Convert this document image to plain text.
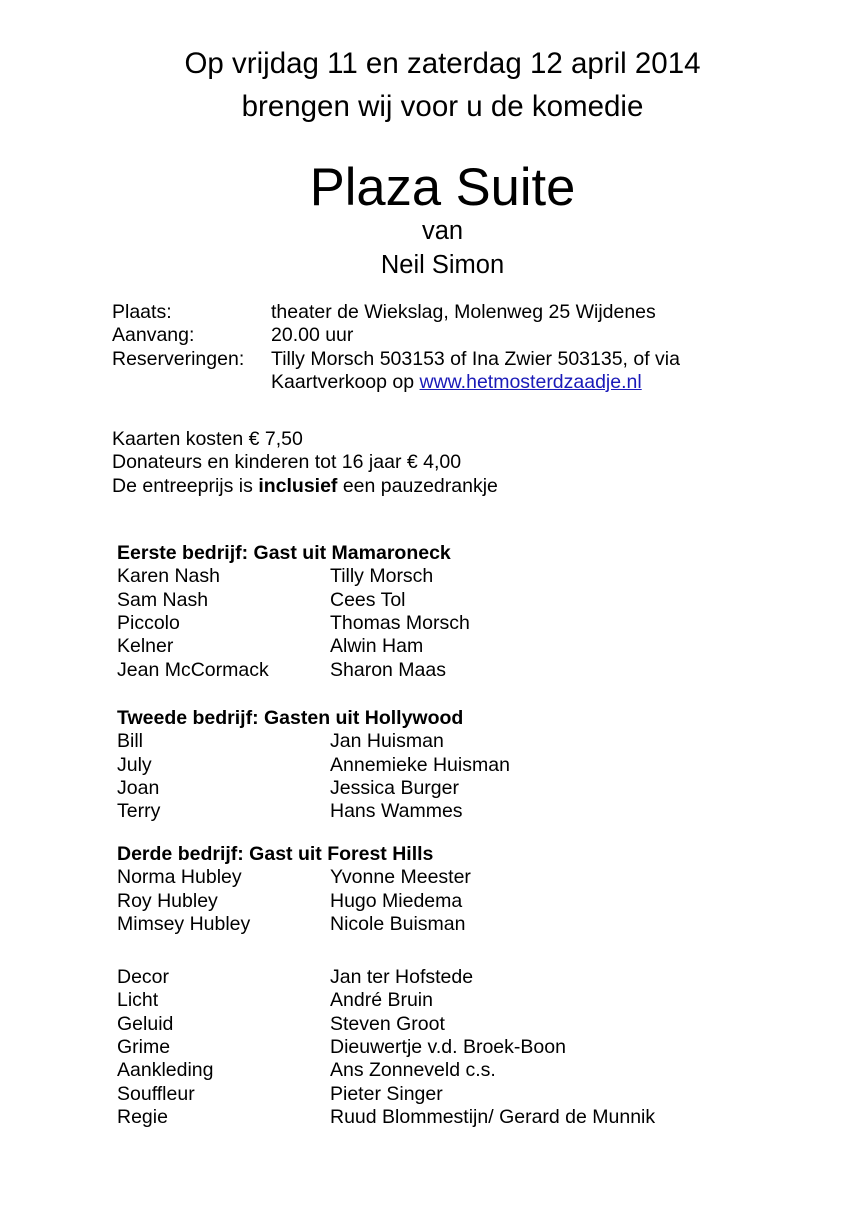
Op vrijdag 11 en zaterdag 12 april 2014
brengen wij voor u de komedie
Plaza Suite
van
Neil Simon
Plaats:	theater de Wiekslag, Molenweg 25 Wijdenes
Aanvang:	20.00 uur
Reserveringen:	Tilly Morsch 503153 of Ina Zwier 503135, of via
Kaartverkoop op www.hetmosterdzaadje.nl
Kaarten kosten € 7,50
Donateurs en kinderen tot 16 jaar € 4,00
De entreeprijs is inclusief een pauzedrankje
Eerste bedrijf: Gast uit Mamaroneck
Karen Nash	Tilly Morsch
Sam Nash	Cees Tol
Piccolo	Thomas Morsch
Kelner	Alwin Ham
Jean McCormack	Sharon Maas
Tweede bedrijf: Gasten uit Hollywood
Bill	Jan Huisman
July	Annemieke Huisman
Joan	Jessica Burger
Terry	Hans Wammes
Derde bedrijf: Gast uit Forest Hills
Norma Hubley	Yvonne Meester
Roy Hubley	Hugo Miedema
Mimsey Hubley	Nicole Buisman
Decor	Jan ter Hofstede
Licht	André Bruin
Geluid	Steven Groot
Grime	Dieuwertje v.d. Broek-Boon
Aankleding	Ans Zonneveld c.s.
Souffleur	Pieter Singer
Regie	Ruud Blommestijn/ Gerard de Munnik
